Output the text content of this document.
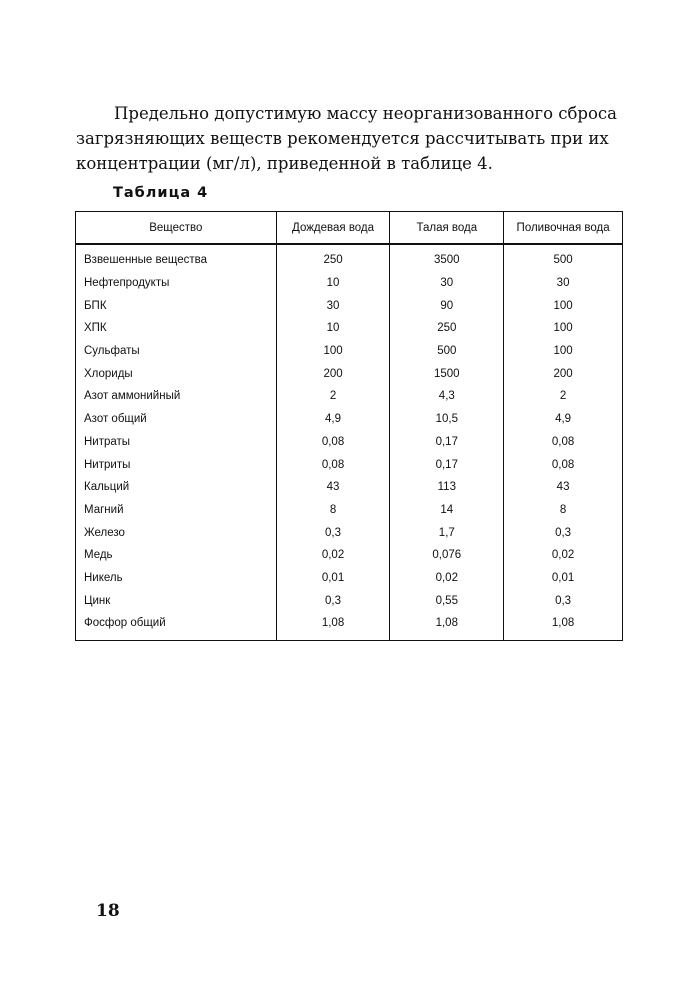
Предельно допустимую массу неорганизованного сброса
загрязняющих веществ рекомендуется рассчитывать при их
концентрации (мг/л), приведенной в таблице 4.

Таблица 4

Вещество	Дождевая вода	Талая вода	Поливочная вода
Взвешенные вещества	250	3500	500
Нефтепродукты	10	30	30
БПК	30	90	100
ХПК	10	250	100
Сульфаты	100	500	100
Хлориды	200	1500	200
Азот аммонийный	2	4,3	2
Азот общий	4,9	10,5	4,9
Нитраты	0,08	0,17	0,08
Нитриты	0,08	0,17	0,08
Кальций	43	113	43
Магний	8	14	8
Железо	0,3	1,7	0,3
Медь	0,02	0,076	0,02
Никель	0,01	0,02	0,01
Цинк	0,3	0,55	0,3
Фосфор общий	1,08	1,08	1,08

18
